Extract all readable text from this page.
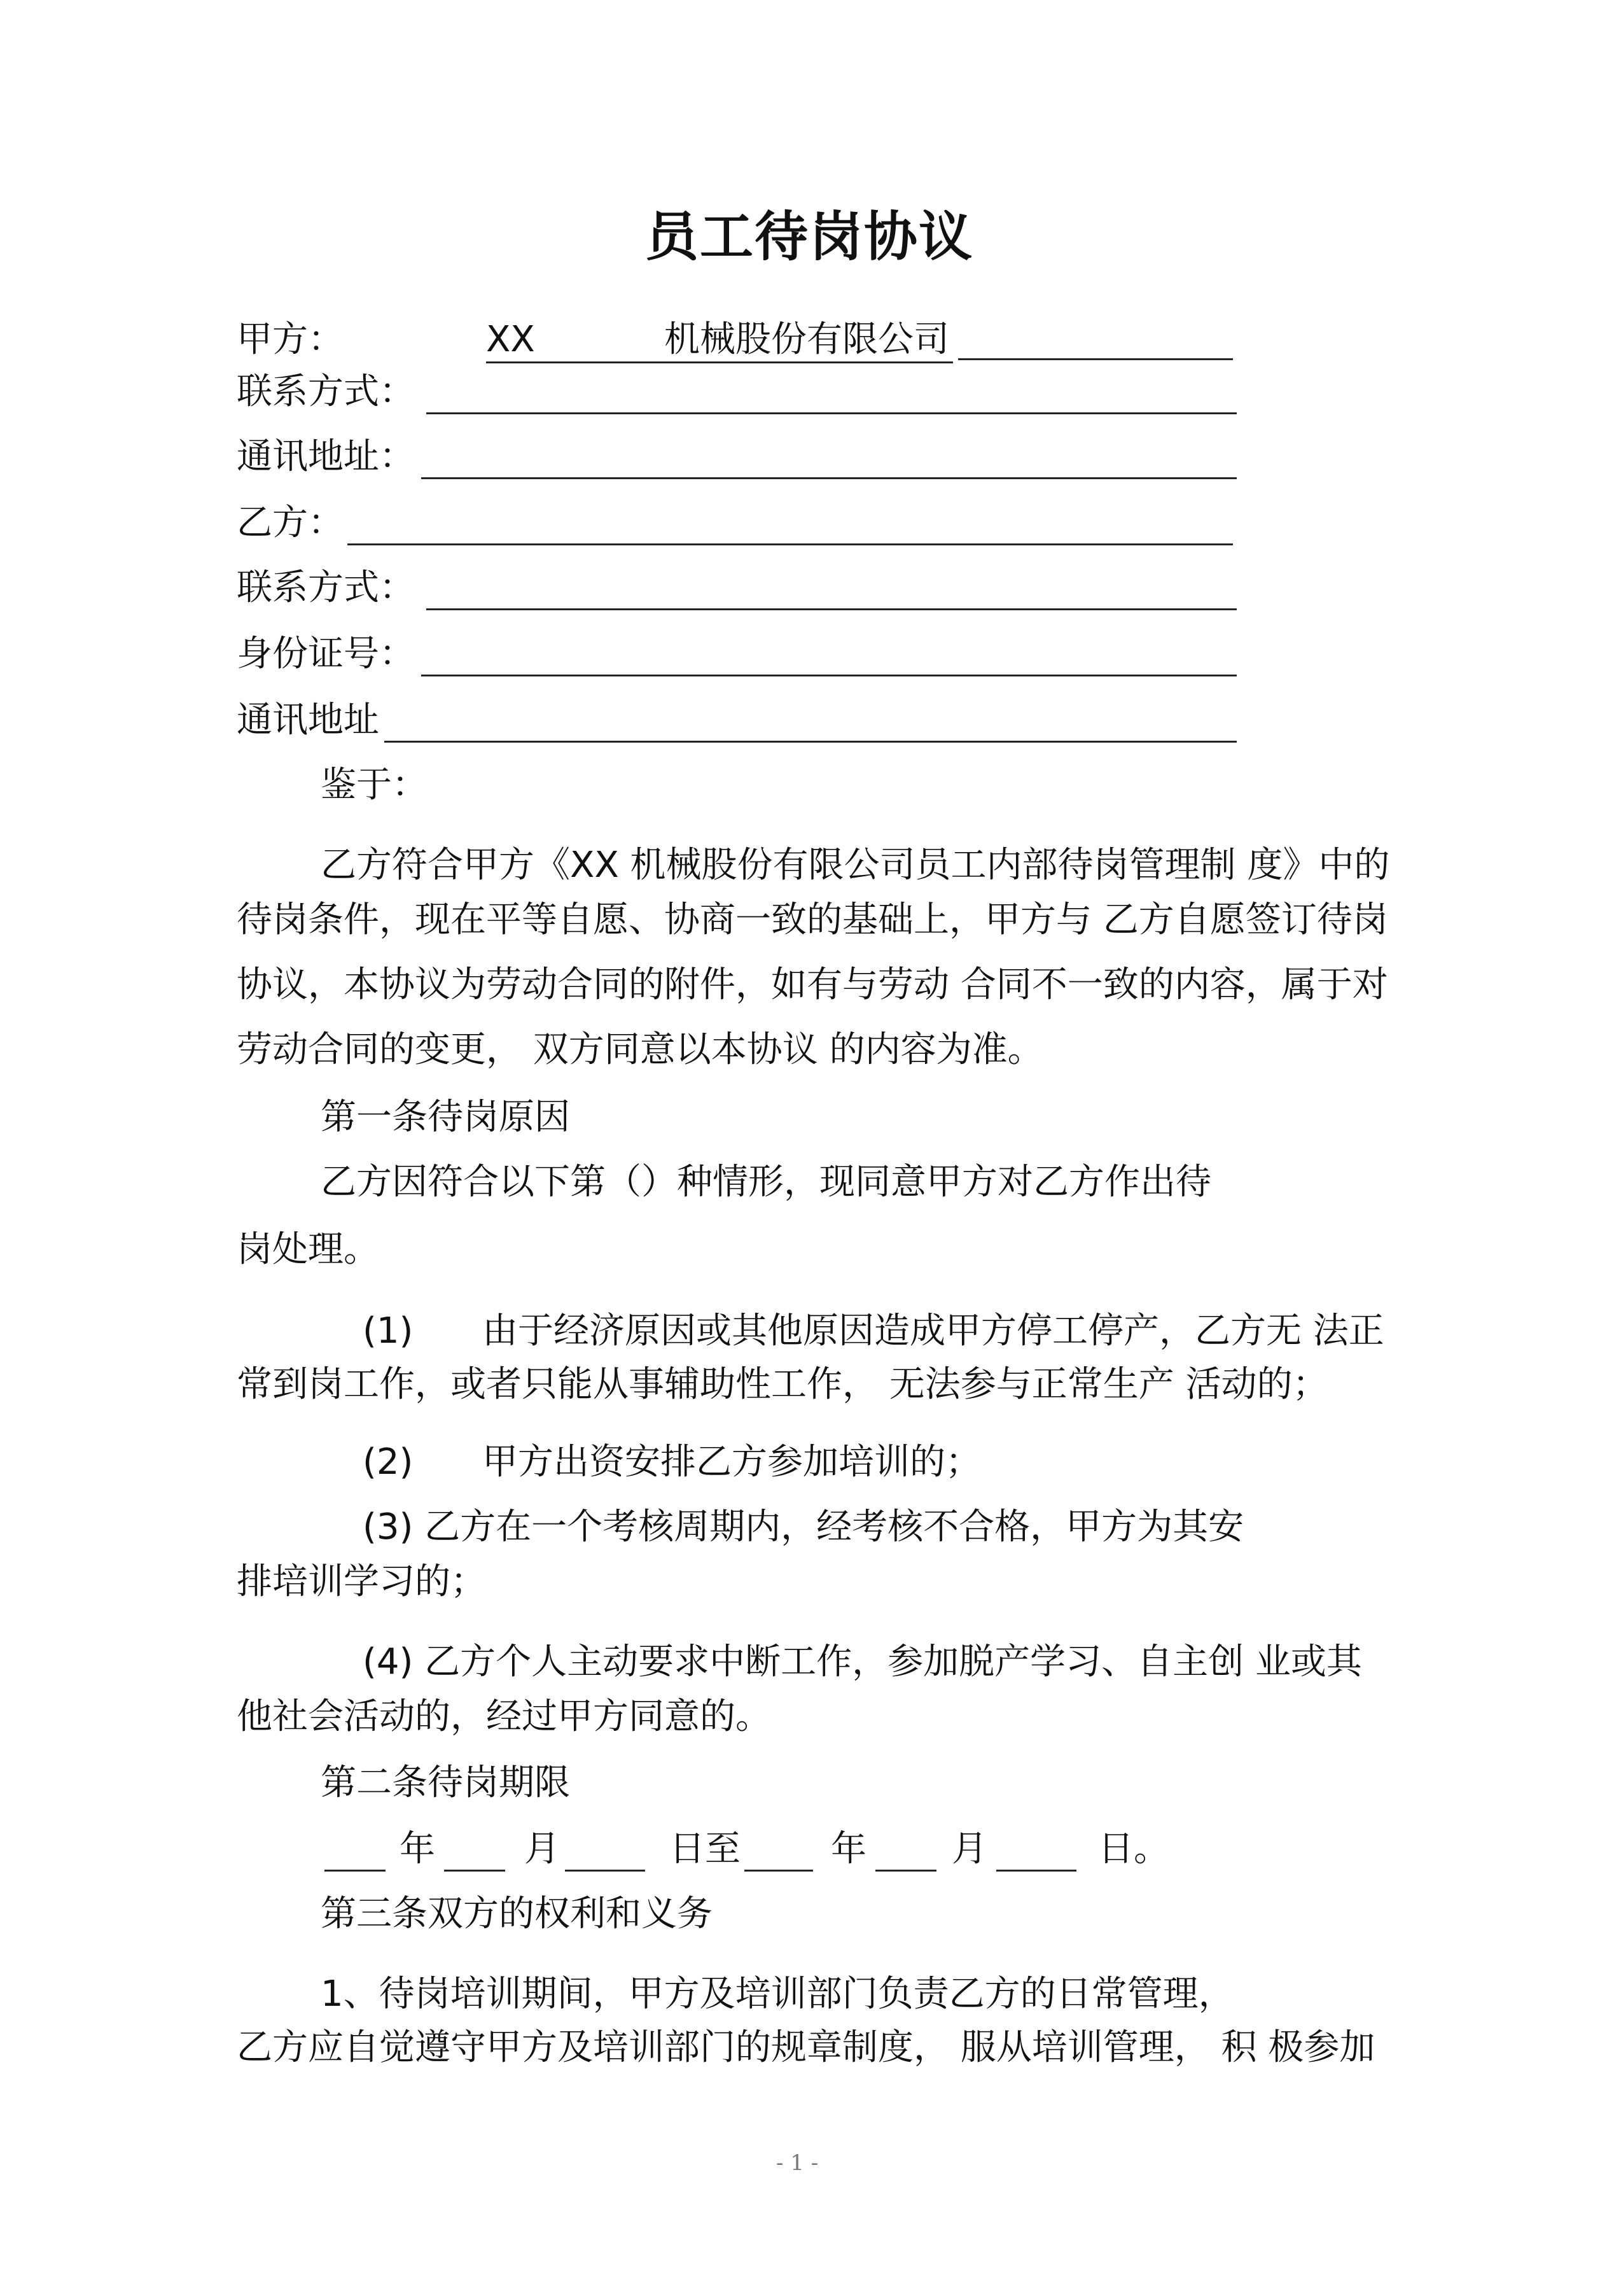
员工待岗协议
甲方：	XX	机械股份有限公司
联系方式：
通讯地址：
乙方：
联系方式：
身份证号：
通讯地址
鉴于：
乙方符合甲方《XX 机械股份有限公司员工内部待岗管理制 度》中的
待岗条件，现在平等自愿、协商一致的基础上，甲方与 乙方自愿签订待岗
协议，本协议为劳动合同的附件，如有与劳动 合同不一致的内容，属于对
劳动合同的变更， 双方同意以本协议 的内容为准。
第一条待岗原因
乙方因符合以下第（）种情形，现同意甲方对乙方作出待
岗处理。
(1) 由于经济原因或其他原因造成甲方停工停产，乙方无 法正
常到岗工作，或者只能从事辅助性工作， 无法参与正常生产 活动的；
(2) 甲方出资安排乙方参加培训的；
(3) 乙方在一个考核周期内，经考核不合格，甲方为其安
排培训学习的；
(4) 乙方个人主动要求中断工作，参加脱产学习、自主创 业或其
他社会活动的，经过甲方同意的。
第二条待岗期限
年	月	日至	年 月	日。
第三条双方的权利和义务
1、待岗培训期间，甲方及培训部门负责乙方的日常管理，
乙方应自觉遵守甲方及培训部门的规章制度， 服从培训管理， 积 极参加
- 1 -
